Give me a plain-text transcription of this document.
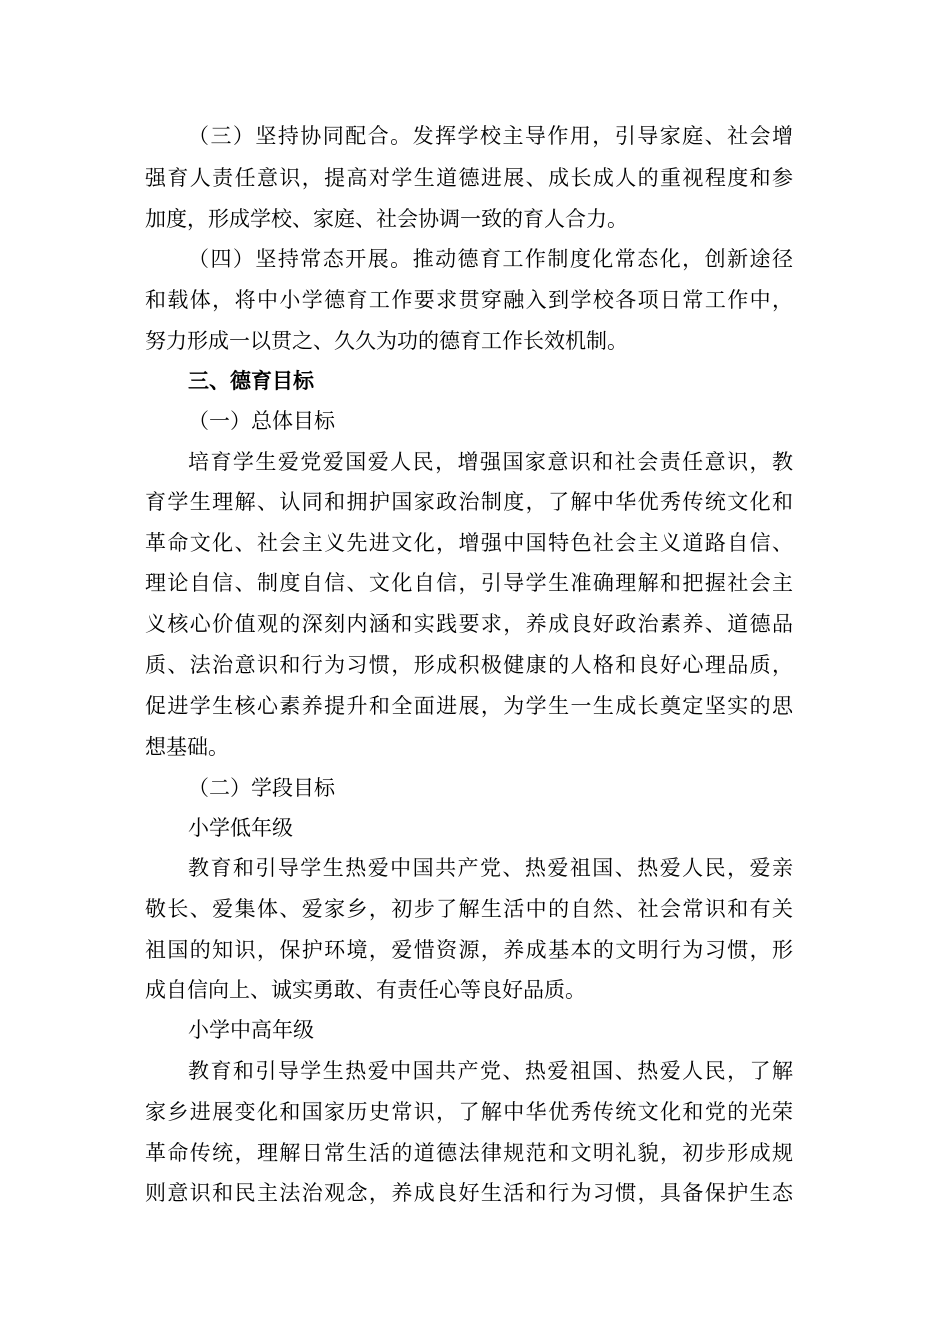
（三）坚持协同配合。发挥学校主导作用，引导家庭、社会增
强育人责任意识，提高对学生道德进展、成长成人的重视程度和参
加度，形成学校、家庭、社会协调一致的育人合力。
（四）坚持常态开展。推动德育工作制度化常态化，创新途径
和载体，将中小学德育工作要求贯穿融入到学校各项日常工作中，
努力形成一以贯之、久久为功的德育工作长效机制。
三、德育目标
（一）总体目标
培育学生爱党爱国爱人民，增强国家意识和社会责任意识，教
育学生理解、认同和拥护国家政治制度，了解中华优秀传统文化和
革命文化、社会主义先进文化，增强中国特色社会主义道路自信、
理论自信、制度自信、文化自信，引导学生准确理解和把握社会主
义核心价值观的深刻内涵和实践要求，养成良好政治素养、道德品
质、法治意识和行为习惯，形成积极健康的人格和良好心理品质，
促进学生核心素养提升和全面进展，为学生一生成长奠定坚实的思
想基础。
（二）学段目标
小学低年级
教育和引导学生热爱中国共产党、热爱祖国、热爱人民，爱亲
敬长、爱集体、爱家乡，初步了解生活中的自然、社会常识和有关
祖国的知识，保护环境，爱惜资源，养成基本的文明行为习惯，形
成自信向上、诚实勇敢、有责任心等良好品质。
小学中高年级
教育和引导学生热爱中国共产党、热爱祖国、热爱人民，了解
家乡进展变化和国家历史常识，了解中华优秀传统文化和党的光荣
革命传统，理解日常生活的道德法律规范和文明礼貌，初步形成规
则意识和民主法治观念，养成良好生活和行为习惯，具备保护生态
